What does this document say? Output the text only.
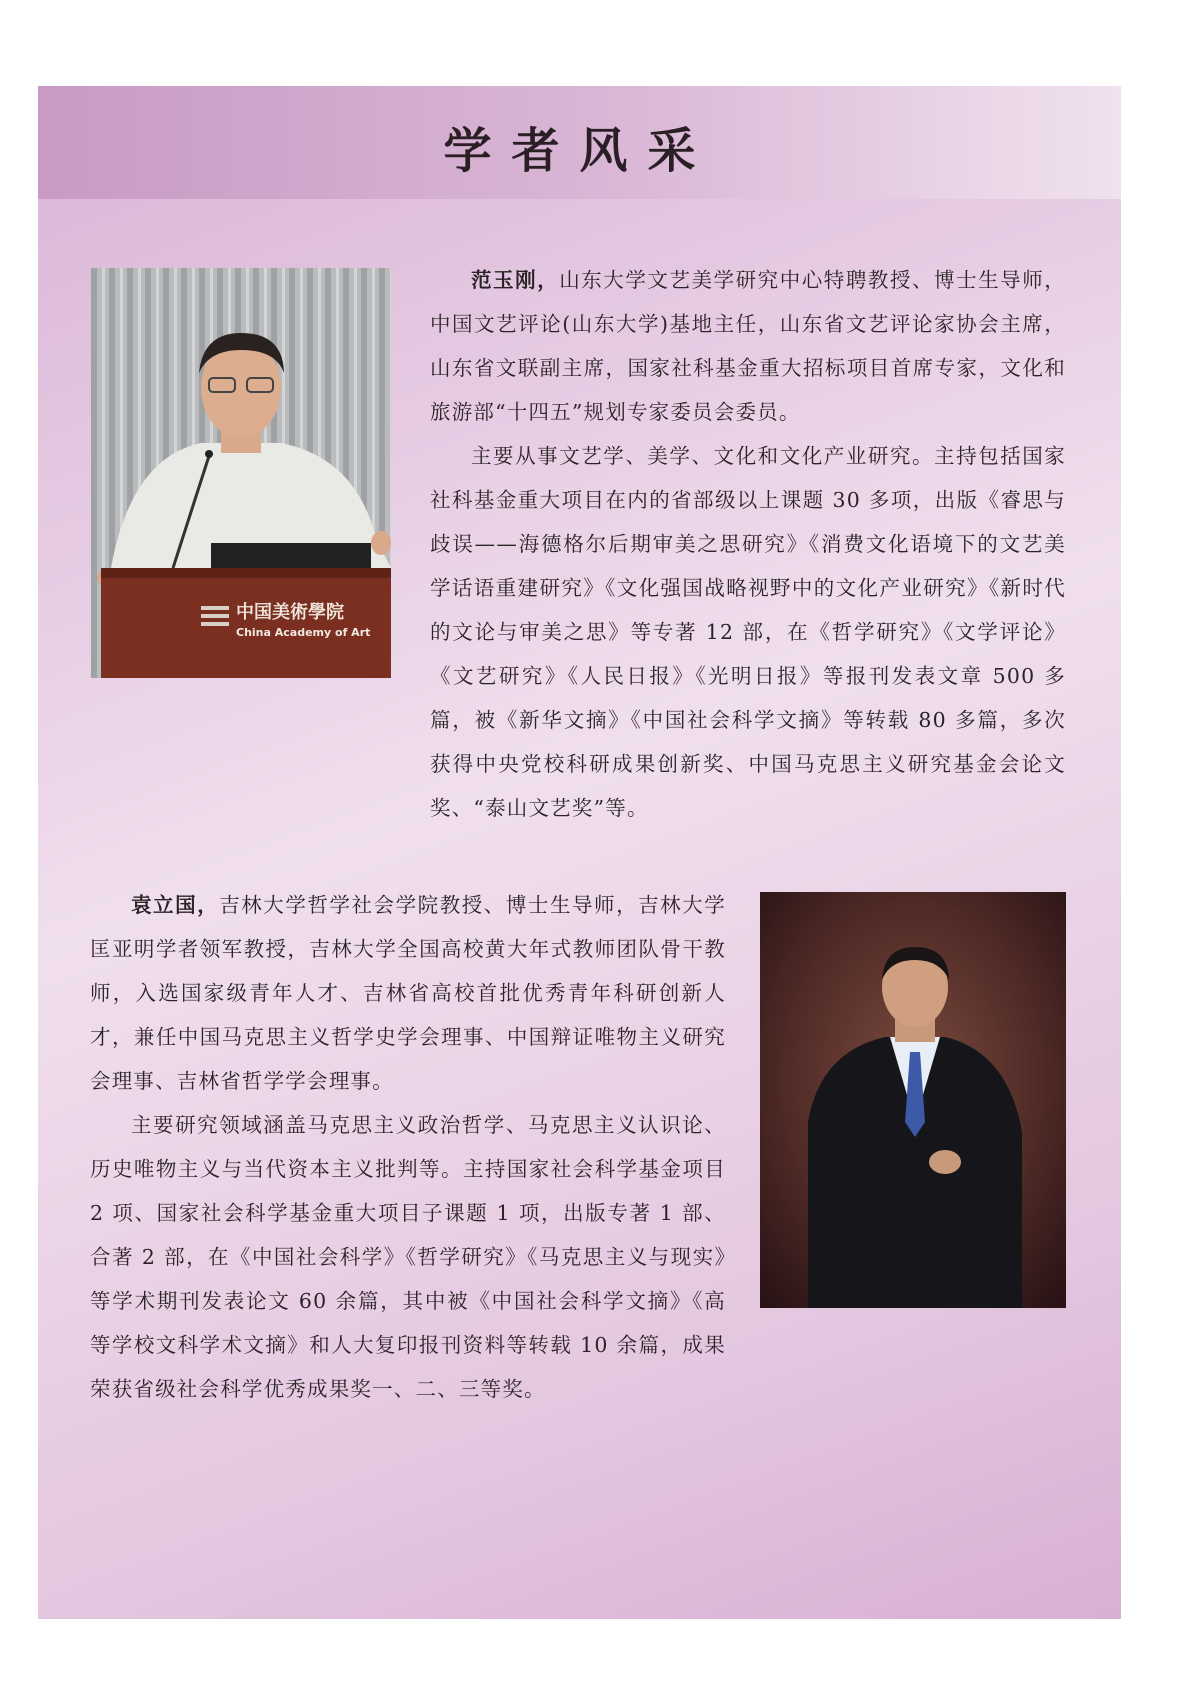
学者风采
中国美術學院
China Academy of Art

范玉刚，山东大学文艺美学研究中心特聘教授、博士生导师，中国文艺评论(山东大学)基地主任，山东省文艺评论家协会主席，山东省文联副主席，国家社科基金重大招标项目首席专家，文化和旅游部“十四五”规划专家委员会委员。

主要从事文艺学、美学、文化和文化产业研究。主持包括国家社科基金重大项目在内的省部级以上课题 30 多项，出版《睿思与歧误——海德格尔后期审美之思研究》《消费文化语境下的文艺美学话语重建研究》《文化强国战略视野中的文化产业研究》《新时代的文论与审美之思》等专著 12 部，在《哲学研究》《文学评论》《文艺研究》《人民日报》《光明日报》等报刊发表文章 500 多篇，被《新华文摘》《中国社会科学文摘》等转载 80 多篇，多次获得中央党校科研成果创新奖、中国马克思主义研究基金会论文奖、“泰山文艺奖”等。

袁立国，吉林大学哲学社会学院教授、博士生导师，吉林大学匡亚明学者领军教授，吉林大学全国高校黄大年式教师团队骨干教师，入选国家级青年人才、吉林省高校首批优秀青年科研创新人才，兼任中国马克思主义哲学史学会理事、中国辩证唯物主义研究会理事、吉林省哲学学会理事。

主要研究领域涵盖马克思主义政治哲学、马克思主义认识论、历史唯物主义与当代资本主义批判等。主持国家社会科学基金项目 2 项、国家社会科学基金重大项目子课题 1 项，出版专著 1 部、合著 2 部，在《中国社会科学》《哲学研究》《马克思主义与现实》等学术期刊发表论文 60 余篇，其中被《中国社会科学文摘》《高等学校文科学术文摘》和人大复印报刊资料等转载 10 余篇，成果荣获省级社会科学优秀成果奖一、二、三等奖。
